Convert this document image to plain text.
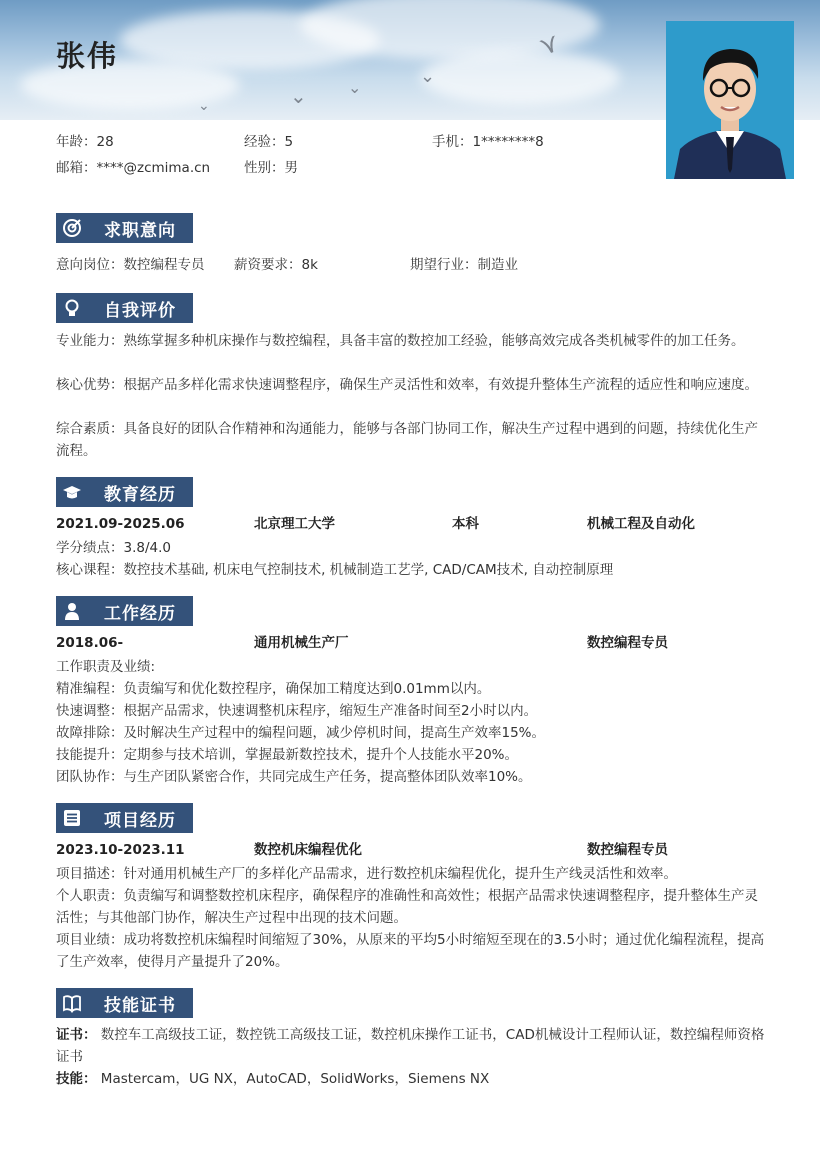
⋎
⌄
⌄
⌄
⌄
张伟
年龄：28	经验：5	手机：1********8
邮箱：****@zcmima.cn	性别：男
求职意向
意向岗位：数控编程专员 薪资要求：8k	期望行业：制造业
自我评价
专业能力：熟练掌握多种机床操作与数控编程，具备丰富的数控加工经验，能够高效完成各类机械零件的加工任务。
核心优势：根据产品多样化需求快速调整程序，确保生产灵活性和效率，有效提升整体生产流程的适应性和响应速度。
综合素质：具备良好的团队合作精神和沟通能力，能够与各部门协同工作，解决生产过程中遇到的问题，持续优化生产流程。
教育经历
2021.09-2025.06	北京理工大学	本科	机械工程及自动化
学分绩点：3.8/4.0
核心课程：数控技术基础, 机床电气控制技术, 机械制造工艺学, CAD/CAM技术, 自动控制原理
工作经历
2018.06-	通用机械生产厂	数控编程专员
工作职责及业绩:
精准编程：负责编写和优化数控程序，确保加工精度达到0.01mm以内。
快速调整：根据产品需求，快速调整机床程序，缩短生产准备时间至2小时以内。
故障排除：及时解决生产过程中的编程问题，减少停机时间，提高生产效率15%。
技能提升：定期参与技术培训，掌握最新数控技术，提升个人技能水平20%。
团队协作：与生产团队紧密合作，共同完成生产任务，提高整体团队效率10%。
项目经历
2023.10-2023.11	数控机床编程优化	数控编程专员
项目描述：针对通用机械生产厂的多样化产品需求，进行数控机床编程优化，提升生产线灵活性和效率。
个人职责：负责编写和调整数控机床程序，确保程序的准确性和高效性；根据产品需求快速调整程序，提升整体生产灵活性；与其他部门协作，解决生产过程中出现的技术问题。
项目业绩：成功将数控机床编程时间缩短了30%，从原来的平均5小时缩短至现在的3.5小时；通过优化编程流程，提高了生产效率，使得月产量提升了20%。
技能证书
证书： 数控车工高级技工证，数控铣工高级技工证，数控机床操作工证书，CAD机械设计工程师认证，数控编程师资格证书
技能： Mastercam，UG NX，AutoCAD，SolidWorks，Siemens NX
